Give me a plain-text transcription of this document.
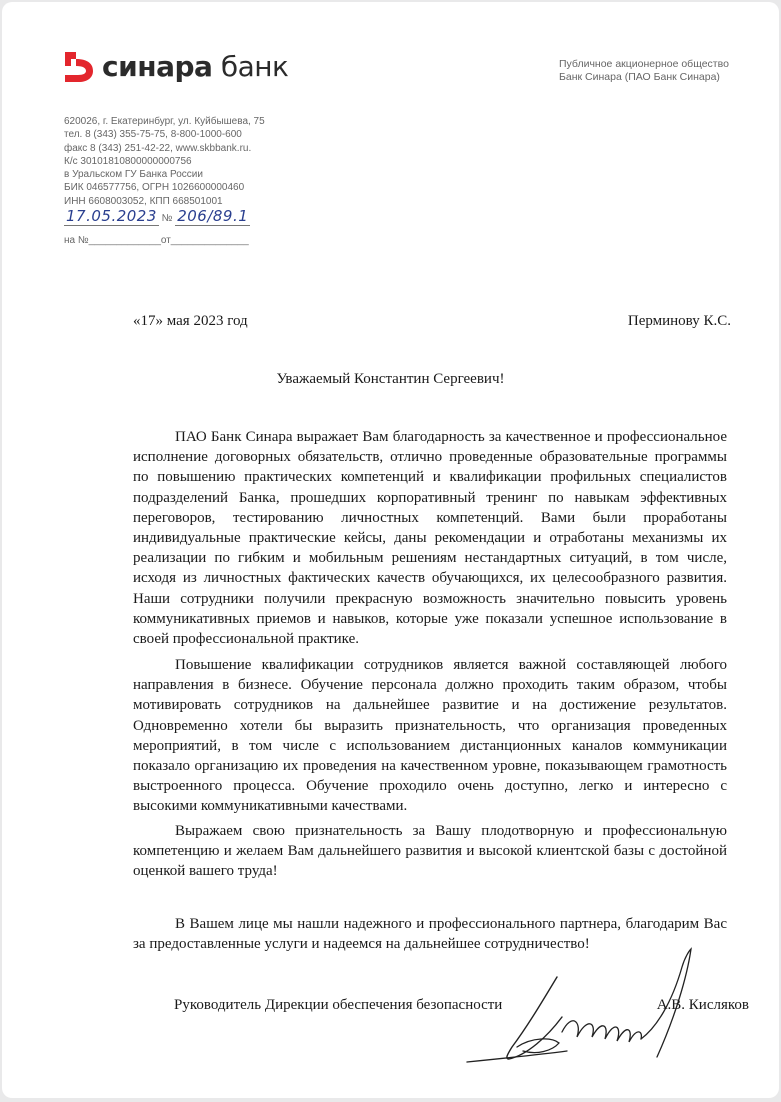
синара банк	Публичное акционерное общество
Банк Синара (ПАО Банк Синара)
620026, г. Екатеринбург, ул. Куйбышева, 75
тел. 8 (343) 355-75-75, 8-800-1000-600
факс 8 (343) 251-42-22, www.skbbank.ru.
К/с 30101810800000000756
в Уральском ГУ Банка России
БИК 046577756, ОГРН 1026600000460
ИНН 6608003052, КПП 668501001
17.05.2023 № 206/89.1
на №_____________от______________
«17» мая 2023 год	Перминову К.С.
Уважаемый Константин Сергеевич!

ПАО Банк Синара выражает Вам благодарность за качественное и профессиональное исполнение договорных обязательств, отлично проведенные образовательные программы по повышению практических компетенций и квалификации профильных специалистов подразделений Банка, прошедших корпоративный тренинг по навыкам эффективных переговоров, тестированию личностных компетенций. Вами были проработаны индивидуальные практические кейсы, даны рекомендации и отработаны механизмы их реализации по гибким и мобильным решениям нестандартных ситуаций, в том числе, исходя из личностных фактических качеств обучающихся, их целесообразного развития. Наши сотрудники получили прекрасную возможность значительно повысить уровень коммуникативных приемов и навыков, которые уже показали успешное использование в своей профессиональной практике.

Повышение квалификации сотрудников является важной составляющей любого направления в бизнесе. Обучение персонала должно проходить таким образом, чтобы мотивировать сотрудников на дальнейшее развитие и на достижение результатов. Одновременно хотели бы выразить признательность, что организация проведенных мероприятий, в том числе с использованием дистанционных каналов коммуникации показало организацию их проведения на качественном уровне, показывающем грамотность выстроенного процесса. Обучение проходило очень доступно, легко и интересно с высокими коммуникативными качествами.

Выражаем свою признательность за Вашу плодотворную и профессиональную компетенцию и желаем Вам дальнейшего развития и высокой клиентской базы с достойной оценкой вашего труда!

В Вашем лице мы нашли надежного и профессионального партнера, благодарим Вас за предоставленные услуги и надеемся на дальнейшее сотрудничество!

Руководитель Дирекции обеспечения безопасности	А.В. Кисляков
